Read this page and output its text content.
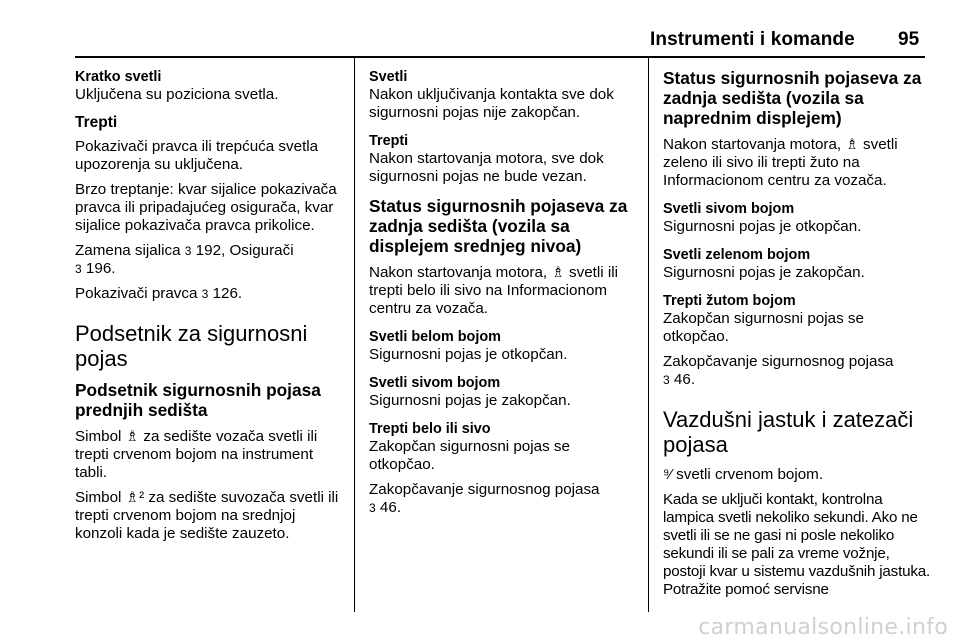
Instrumenti i komande 95
Kratko svetli

Uključena su poziciona svetla.

Trepti

Pokazivači pravca ili trepćuća svetla upozorenja su uključena.

Brzo treptanje: kvar sijalice pokazivača pravca ili pripadajućeg osigurača, kvar sijalice pokazivača pravca prikolice.

Zamena sijalica 3 192, Osigurači
3 196.

Pokazivači pravca 3 126.

Podsetnik za sigurnosni pojas
Podsetnik sigurnosnih pojasa prednjih sedišta

Simbol ♗ za sedište vozača svetli ili trepti crvenom bojom na instrument tabli.

Simbol ♗² za sedište suvozača svetli ili trepti crvenom bojom na srednjoj konzoli kada je sedište zauzeto.

Svetli

Nakon uključivanja kontakta sve dok sigurnosni pojas nije zakopčan.

Trepti

Nakon startovanja motora, sve dok sigurnosni pojas ne bude vezan.

Status sigurnosnih pojaseva za zadnja sedišta (vozila sa displejem srednjeg nivoa)

Nakon startovanja motora, ♗ svetli ili trepti belo ili sivo na Informacionom centru za vozača.

Svetli belom bojom

Sigurnosni pojas je otkopčan.

Svetli sivom bojom

Sigurnosni pojas je zakopčan.

Trepti belo ili sivo

Zakopčan sigurnosni pojas se otkopčao.

Zakopčavanje sigurnosnog pojasa
3 46.

Status sigurnosnih pojaseva za zadnja sedišta (vozila sa naprednim displejem)

Nakon startovanja motora, ♗ svetli zeleno ili sivo ili trepti žuto na Informacionom centru za vozača.

Svetli sivom bojom

Sigurnosni pojas je otkopčan.

Svetli zelenom bojom

Sigurnosni pojas je zakopčan.

Trepti žutom bojom

Zakopčan sigurnosni pojas se otkopčao.

Zakopčavanje sigurnosnog pojasa
3 46.

Vazdušni jastuk i zatezači pojasa

⁹⁄ svetli crvenom bojom.

Kada se uključi kontakt, kontrolna lampica svetli nekoliko sekundi. Ako ne svetli ili se ne gasi ni posle nekoliko sekundi ili se pali za vreme vožnje, postoji kvar u sistemu vazdušnih jastuka. Potražite pomoć servisne

carmanualsonline.info
